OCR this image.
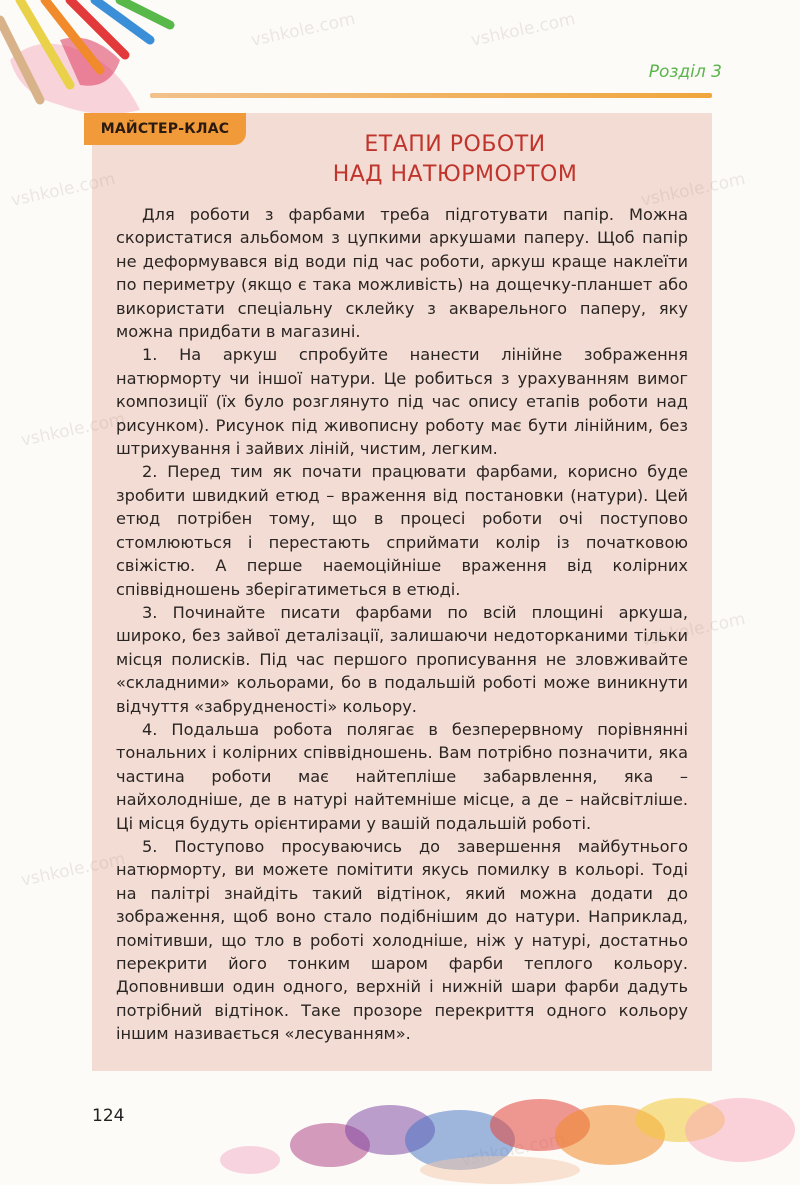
Розділ 3
МАЙСТЕР-КЛАС
ЕТАПИ РОБОТИ
НАД НАТЮРМОРТОМ

Для роботи з фарбами треба підготувати папір. Можна скористатися альбомом з цупкими аркушами паперу. Щоб папір не деформувався від води під час роботи, аркуш краще наклеїти по периметру (якщо є така можливість) на дощечку-планшет або використати спеціальну склейку з акварельного паперу, яку можна придбати в магазині.

1. На аркуш спробуйте нанести лінійне зображення натюрморту чи іншої натури. Це робиться з урахуванням вимог композиції (їх було розглянуто під час опису етапів роботи над рисунком). Рисунок під живописну роботу має бути лінійним, без штрихування і зайвих ліній, чистим, легким.

2. Перед тим як почати працювати фарбами, корисно буде зробити швидкий етюд – враження від постановки (натури). Цей етюд потрібен тому, що в процесі роботи очі поступово стомлюються і перестають сприймати колір із початковою свіжістю. А перше наемоційніше враження від колірних співвідношень зберігатиметься в етюді.

3. Починайте писати фарбами по всій площині аркуша, широко, без зайвої деталізації, залишаючи недоторканими тільки місця полисків. Під час першого прописування не зловживайте «складними» кольорами, бо в подальшій роботі може виникнути відчуття «забрудненості» кольору.

4. Подальша робота полягає в безперервному порівнянні тональних і колірних співвідношень. Вам потрібно позначити, яка частина роботи має найтепліше забарвлення, яка – найхолодніше, де в натурі найтемніше місце, а де – найсвітліше. Ці місця будуть орієнтирами у вашій подальшій роботі.

5. Поступово просуваючись до завершення майбутнього натюрморту, ви можете помітити якусь помилку в кольорі. Тоді на палітрі знайдіть такий відтінок, який можна додати до зображення, щоб воно стало подібнішим до натури. Наприклад, помітивши, що тло в роботі холодніше, ніж у натурі, достатньо перекрити його тонким шаром фарби теплого кольору. Доповнивши один одного, верхній і нижній шари фарби дадуть потрібний відтінок. Таке прозоре перекриття одного кольору іншим називається «лесуванням».

vshkole.com	vshkole.com
vshkole.com
vshkole.com
vshkole.com
vshkole.com
124
